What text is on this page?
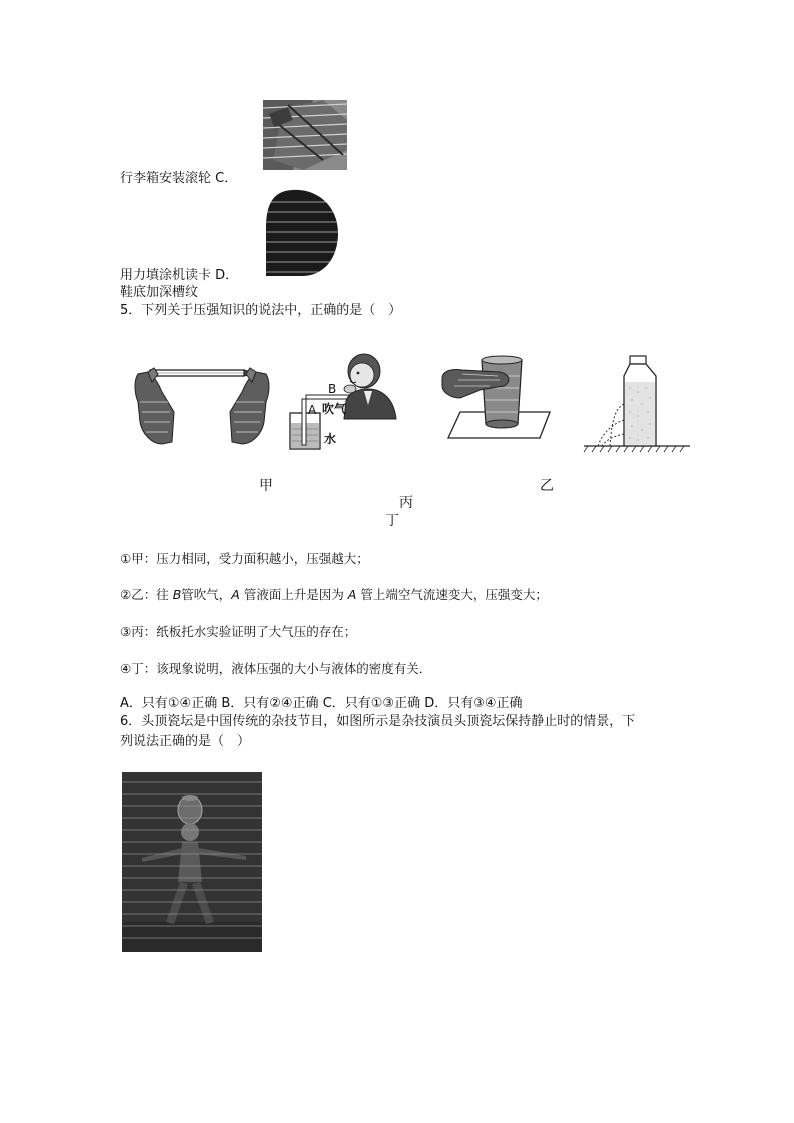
行李箱安装滚轮 C．
用力填涂机读卡 D．
鞋底加深槽纹
5．下列关于压强知识的说法中，正确的是（　）
B
A 吹气
水
甲	乙
丙
丁
①甲：压力相同，受力面积越小，压强越大；
②乙：往 B管吹气，A 管液面上升是因为 A 管上端空气流速变大，压强变大；
③丙：纸板托水实验证明了大气压的存在；
④丁：该现象说明，液体压强的大小与液体的密度有关．
A．只有①④正确 B．只有②④正确 C．只有①③正确 D．只有③④正确
6．头顶瓷坛是中国传统的杂技节目，如图所示是杂技演员头顶瓷坛保持静止时的情景，下
列说法正确的是（　）
